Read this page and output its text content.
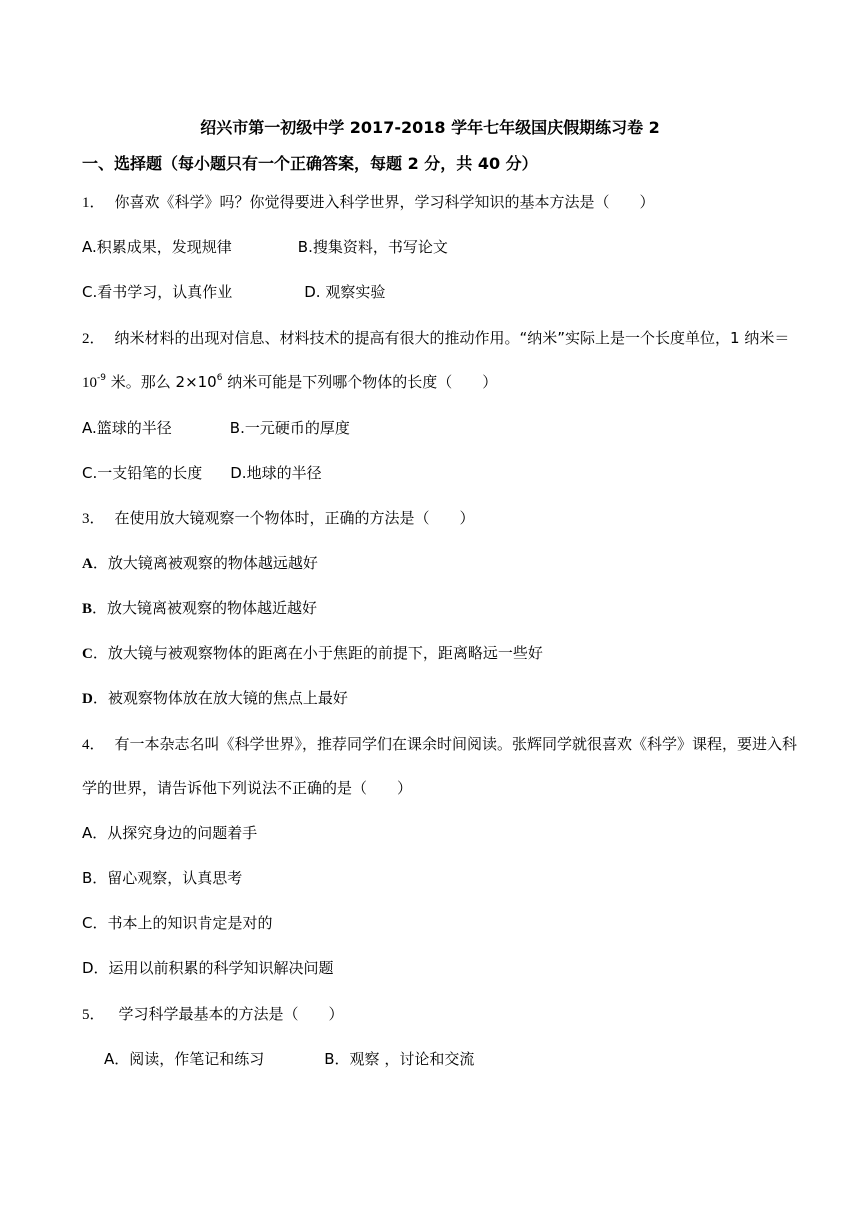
绍兴市第一初级中学 2017-2018 学年七年级国庆假期练习卷 2

一、选择题（每小题只有一个正确答案，每题 2 分，共 40 分）

1． 你喜欢《科学》吗？你觉得要进入科学世界，学习科学知识的基本方法是（　　）

A.积累成果，发现规律	B.搜集资料，书写论文

C.看书学习，认真作业	D. 观察实验

2． 纳米材料的出现对信息、材料技术的提高有很大的推动作用。“纳米”实际上是一个长度单位，1 纳米＝

$10^{-9}$ 米。那么 $2\times 10^6$ 纳米可能是下列哪个物体的长度（　　）

A.篮球的半径	B.一元硬币的厚度

C.一支铅笔的长度 D.地球的半径

3． 在使用放大镜观察一个物体时，正确的方法是（　　）

A．放大镜离被观察的物体越远越好

B．放大镜离被观察的物体越近越好

C．放大镜与被观察物体的距离在小于焦距的前提下，距离略远一些好

D．被观察物体放在放大镜的焦点上最好

4． 有一本杂志名叫《科学世界》，推荐同学们在课余时间阅读。张辉同学就很喜欢《科学》课程，要进入科

学的世界，请告诉他下列说法不正确的是（　　）

A．从探究身边的问题着手

B．留心观察，认真思考

C．书本上的知识肯定是对的

D．运用以前积累的科学知识解决问题

5． 学习科学最基本的方法是（　　）

A．阅读，作笔记和练习	B．观察 ，讨论和交流
